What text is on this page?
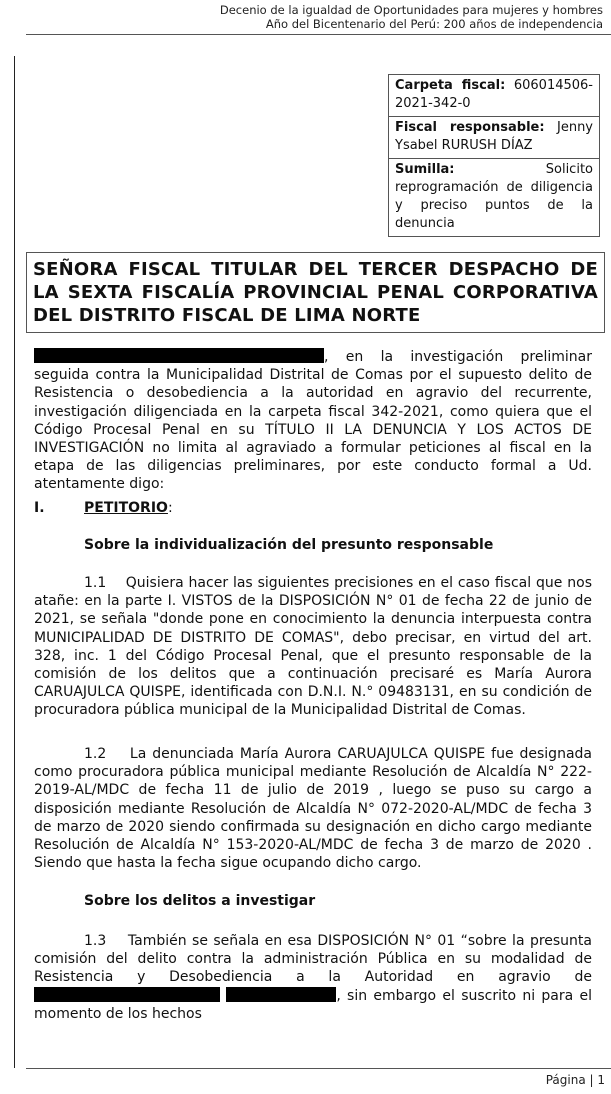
Decenio de la igualdad de Oportunidades para mujeres y hombres
Año del Bicentenario del Perú: 200 años de independencia
Carpeta fiscal: 606014506-2021-342-0
Fiscal responsable: Jenny Ysabel RURUSH DÍAZ
Sumilla: Solicito reprogramación de diligencia y preciso puntos de la denuncia
SEÑORA FISCAL TITULAR DEL TERCER DESPACHO DE LA SEXTA FISCALÍA PROVINCIAL PENAL CORPORATIVA DEL DISTRITO FISCAL DE LIMA NORTE
, en la investigación preliminar seguida contra la Municipalidad Distrital de Comas por el supuesto delito de Resistencia o desobediencia a la autoridad en agravio del recurrente, investigación diligenciada en la carpeta fiscal 342-2021, como quiera que el Código Procesal Penal en su TÍTULO II LA DENUNCIA Y LOS ACTOS DE INVESTIGACIÓN no limita al agraviado a formular peticiones al fiscal en la etapa de las diligencias preliminares, por este conducto formal a Ud. atentamente digo:
I.	PETITORIO:
Sobre la individualización del presunto responsable
1.1 Quisiera hacer las siguientes precisiones en el caso fiscal que nos atañe: en la parte I. VISTOS de la DISPOSICIÓN N° 01 de fecha 22 de junio de 2021, se señala "donde pone en conocimiento la denuncia interpuesta contra MUNICIPALIDAD DE DISTRITO DE COMAS", debo precisar, en virtud del art. 328, inc. 1 del Código Procesal Penal, que el presunto responsable de la comisión de los delitos que a continuación precisaré es María Aurora CARUAJULCA QUISPE, identificada con D.N.I. N.° 09483131, en su condición de procuradora pública municipal de la Municipalidad Distrital de Comas.
1.2 La denunciada María Aurora CARUAJULCA QUISPE fue designada como procuradora pública municipal mediante Resolución de Alcaldía N° 222-2019-AL/MDC de fecha 11 de julio de 2019 , luego se puso su cargo a disposición mediante Resolución de Alcaldía N° 072-2020-AL/MDC de fecha 3 de marzo de 2020 siendo confirmada su designación en dicho cargo mediante Resolución de Alcaldía N° 153-2020-AL/MDC de fecha 3 de marzo de 2020 . Siendo que hasta la fecha sigue ocupando dicho cargo.
Sobre los delitos a investigar
1.3 También se señala en esa DISPOSICIÓN N° 01 “sobre la presunta comisión del delito contra la administración Pública en su modalidad de Resistencia y Desobediencia a la Autoridad en agravio de  , sin embargo el suscrito ni para el momento de los hechos
Página | 1
